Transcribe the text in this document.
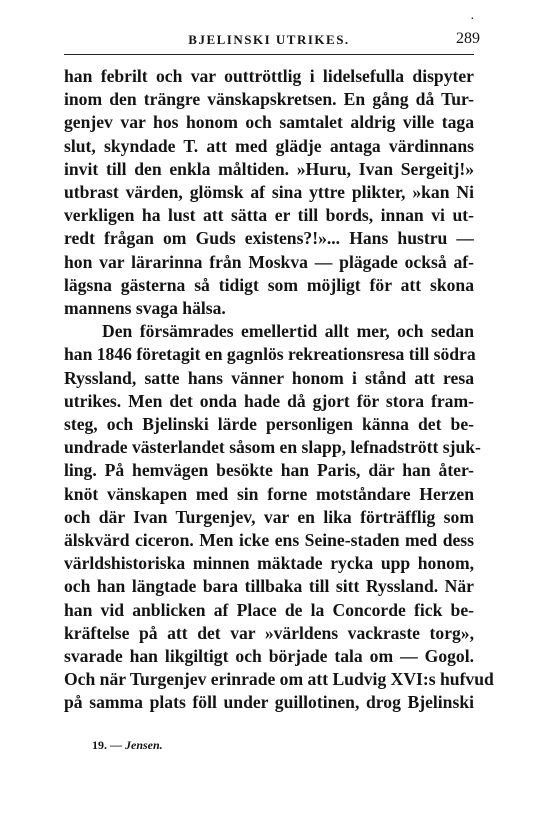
BJELINSKI UTRIKES.	289
·
han febrilt och var outtröttlig i lidelsefulla dispyter
inom den trängre vänskapskretsen. En gång då Tur-
genjev var hos honom och samtalet aldrig ville taga
slut, skyndade T. att med glädje antaga värdinnans
invit till den enkla måltiden. »Huru, Ivan Sergeitj!»
utbrast värden, glömsk af sina yttre plikter, »kan Ni
verkligen ha lust att sätta er till bords, innan vi ut-
redt frågan om Guds existens?!»... Hans hustru —
hon var lärarinna från Moskva — plägade också af-
lägsna gästerna så tidigt som möjligt för att skona
mannens svaga hälsa.
Den försämrades emellertid allt mer, och sedan
han 1846 företagit en gagnlös rekreationsresa till södra
Ryssland, satte hans vänner honom i stånd att resa
utrikes. Men det onda hade då gjort för stora fram-
steg, och Bjelinski lärde personligen känna det be-
undrade västerlandet såsom en slapp, lefnadstrött sjuk-
ling. På hemvägen besökte han Paris, där han åter-
knöt vänskapen med sin forne motståndare Herzen
och där Ivan Turgenjev, var en lika förträfflig som
älskvärd ciceron. Men icke ens Seine-staden med dess
världshistoriska minnen mäktade rycka upp honom,
och han längtade bara tillbaka till sitt Ryssland. När
han vid anblicken af Place de la Concorde fick be-
kräftelse på att det var »världens vackraste torg»,
svarade han likgiltigt och började tala om — Gogol.
Och när Turgenjev erinrade om att Ludvig XVI:s hufvud
på samma plats föll under guillotinen, drog Bjelinski
19. — Jensen.
